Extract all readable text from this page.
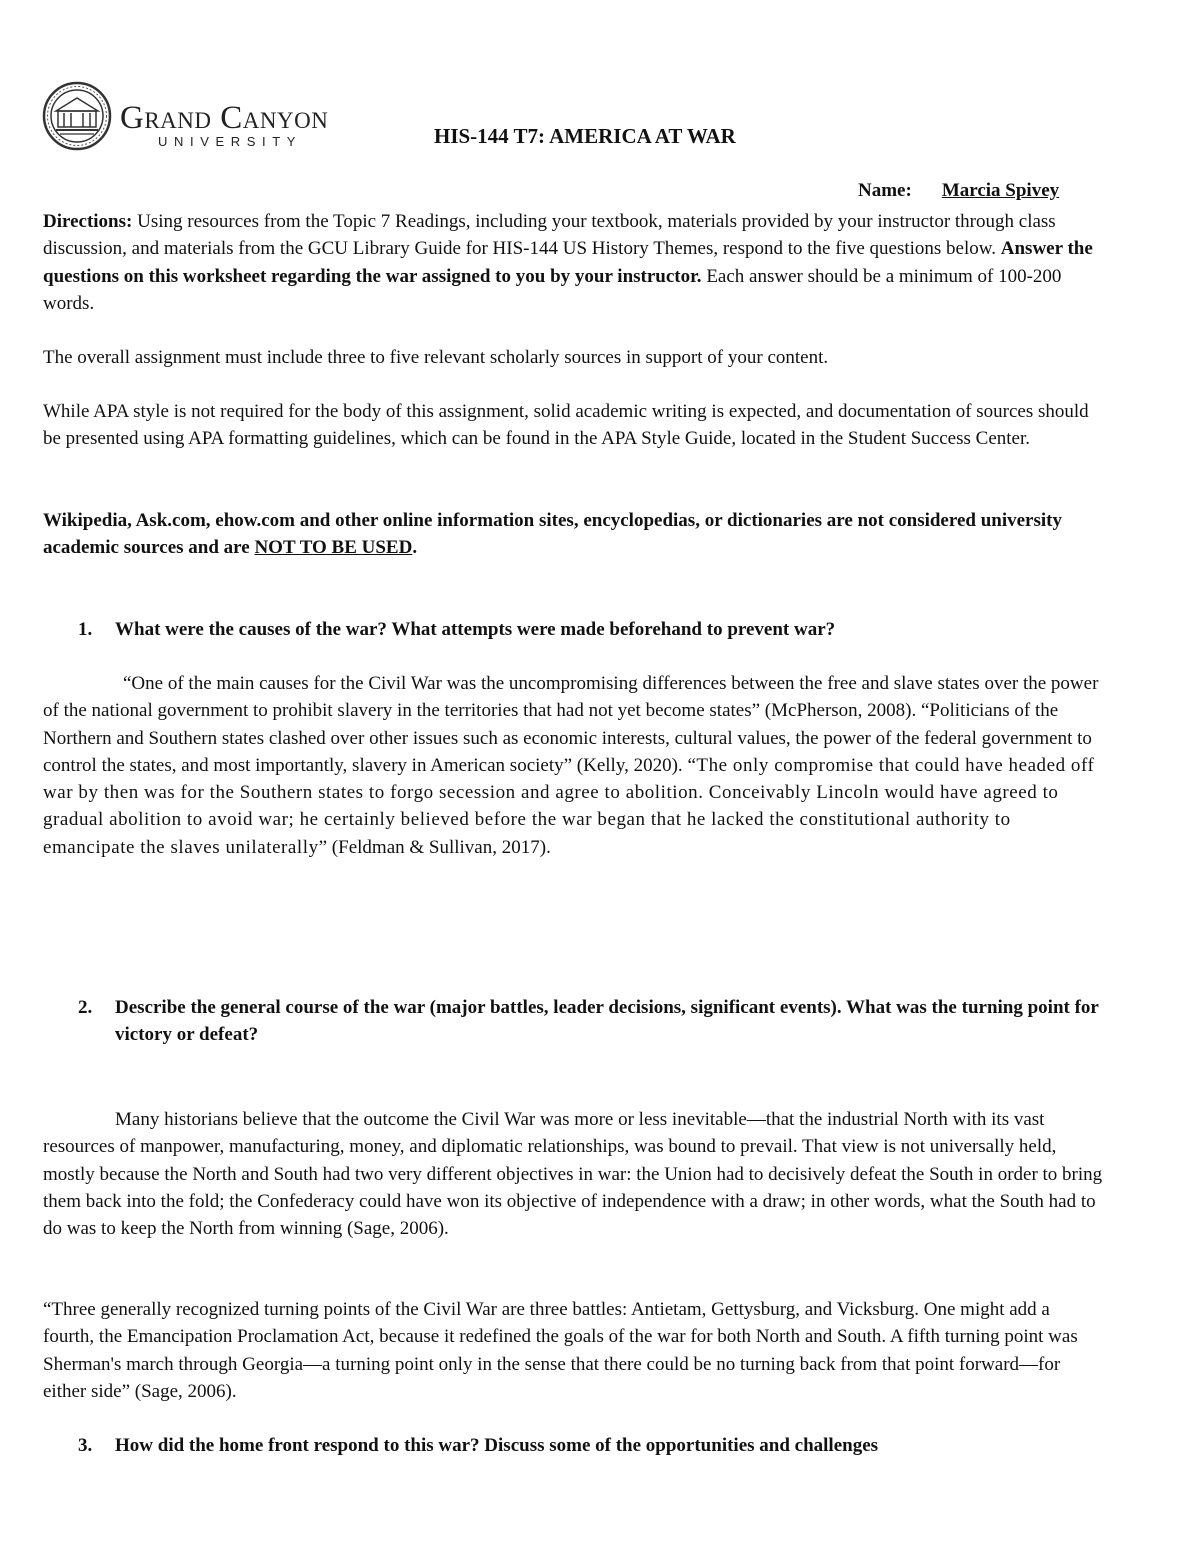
Grand Canyon
UNIVERSITY	HIS-144 T7: AMERICA AT WAR
Name: Marcia Spivey
Directions: Using resources from the Topic 7 Readings, including your textbook, materials provided by your instructor through class discussion, and materials from the GCU Library Guide for HIS-144 US History Themes, respond to the five questions below. Answer the questions on this worksheet regarding the war assigned to you by your instructor. Each answer should be a minimum of 100-200 words.
The overall assignment must include three to five relevant scholarly sources in support of your content.
While APA style is not required for the body of this assignment, solid academic writing is expected, and documentation of sources should be presented using APA formatting guidelines, which can be found in the APA Style Guide, located in the Student Success Center.
Wikipedia, Ask.com, ehow.com and other online information sites, encyclopedias, or dictionaries are not considered university academic sources and are NOT TO BE USED.
1.	What were the causes of the war? What attempts were made beforehand to prevent war?
“One of the main causes for the Civil War was the uncompromising differences between the free and slave states over the power of the national government to prohibit slavery in the territories that had not yet become states” (McPherson, 2008). “Politicians of the Northern and Southern states clashed over other issues such as economic interests, cultural values, the power of the federal government to control the states, and most importantly, slavery in American society” (Kelly, 2020). “The only compromise that could have headed off war by then was for the Southern states to forgo secession and agree to abolition. Conceivably Lincoln would have agreed to gradual abolition to avoid war; he certainly believed before the war began that he lacked the constitutional authority to emancipate the slaves unilaterally” (Feldman & Sullivan, 2017).
2.	Describe the general course of the war (major battles, leader decisions, significant events). What was the turning point for victory or defeat?
Many historians believe that the outcome the Civil War was more or less inevitable—that the industrial North with its vast resources of manpower, manufacturing, money, and diplomatic relationships, was bound to prevail. That view is not universally held, mostly because the North and South had two very different objectives in war: the Union had to decisively defeat the South in order to bring them back into the fold; the Confederacy could have won its objective of independence with a draw; in other words, what the South had to do was to keep the North from winning (Sage, 2006).
“Three generally recognized turning points of the Civil War are three battles: Antietam, Gettysburg, and Vicksburg. One might add a fourth, the Emancipation Proclamation Act, because it redefined the goals of the war for both North and South. A fifth turning point was Sherman's march through Georgia—a turning point only in the sense that there could be no turning back from that point forward—for either side” (Sage, 2006).
3.	How did the home front respond to this war? Discuss some of the opportunities and challenges
